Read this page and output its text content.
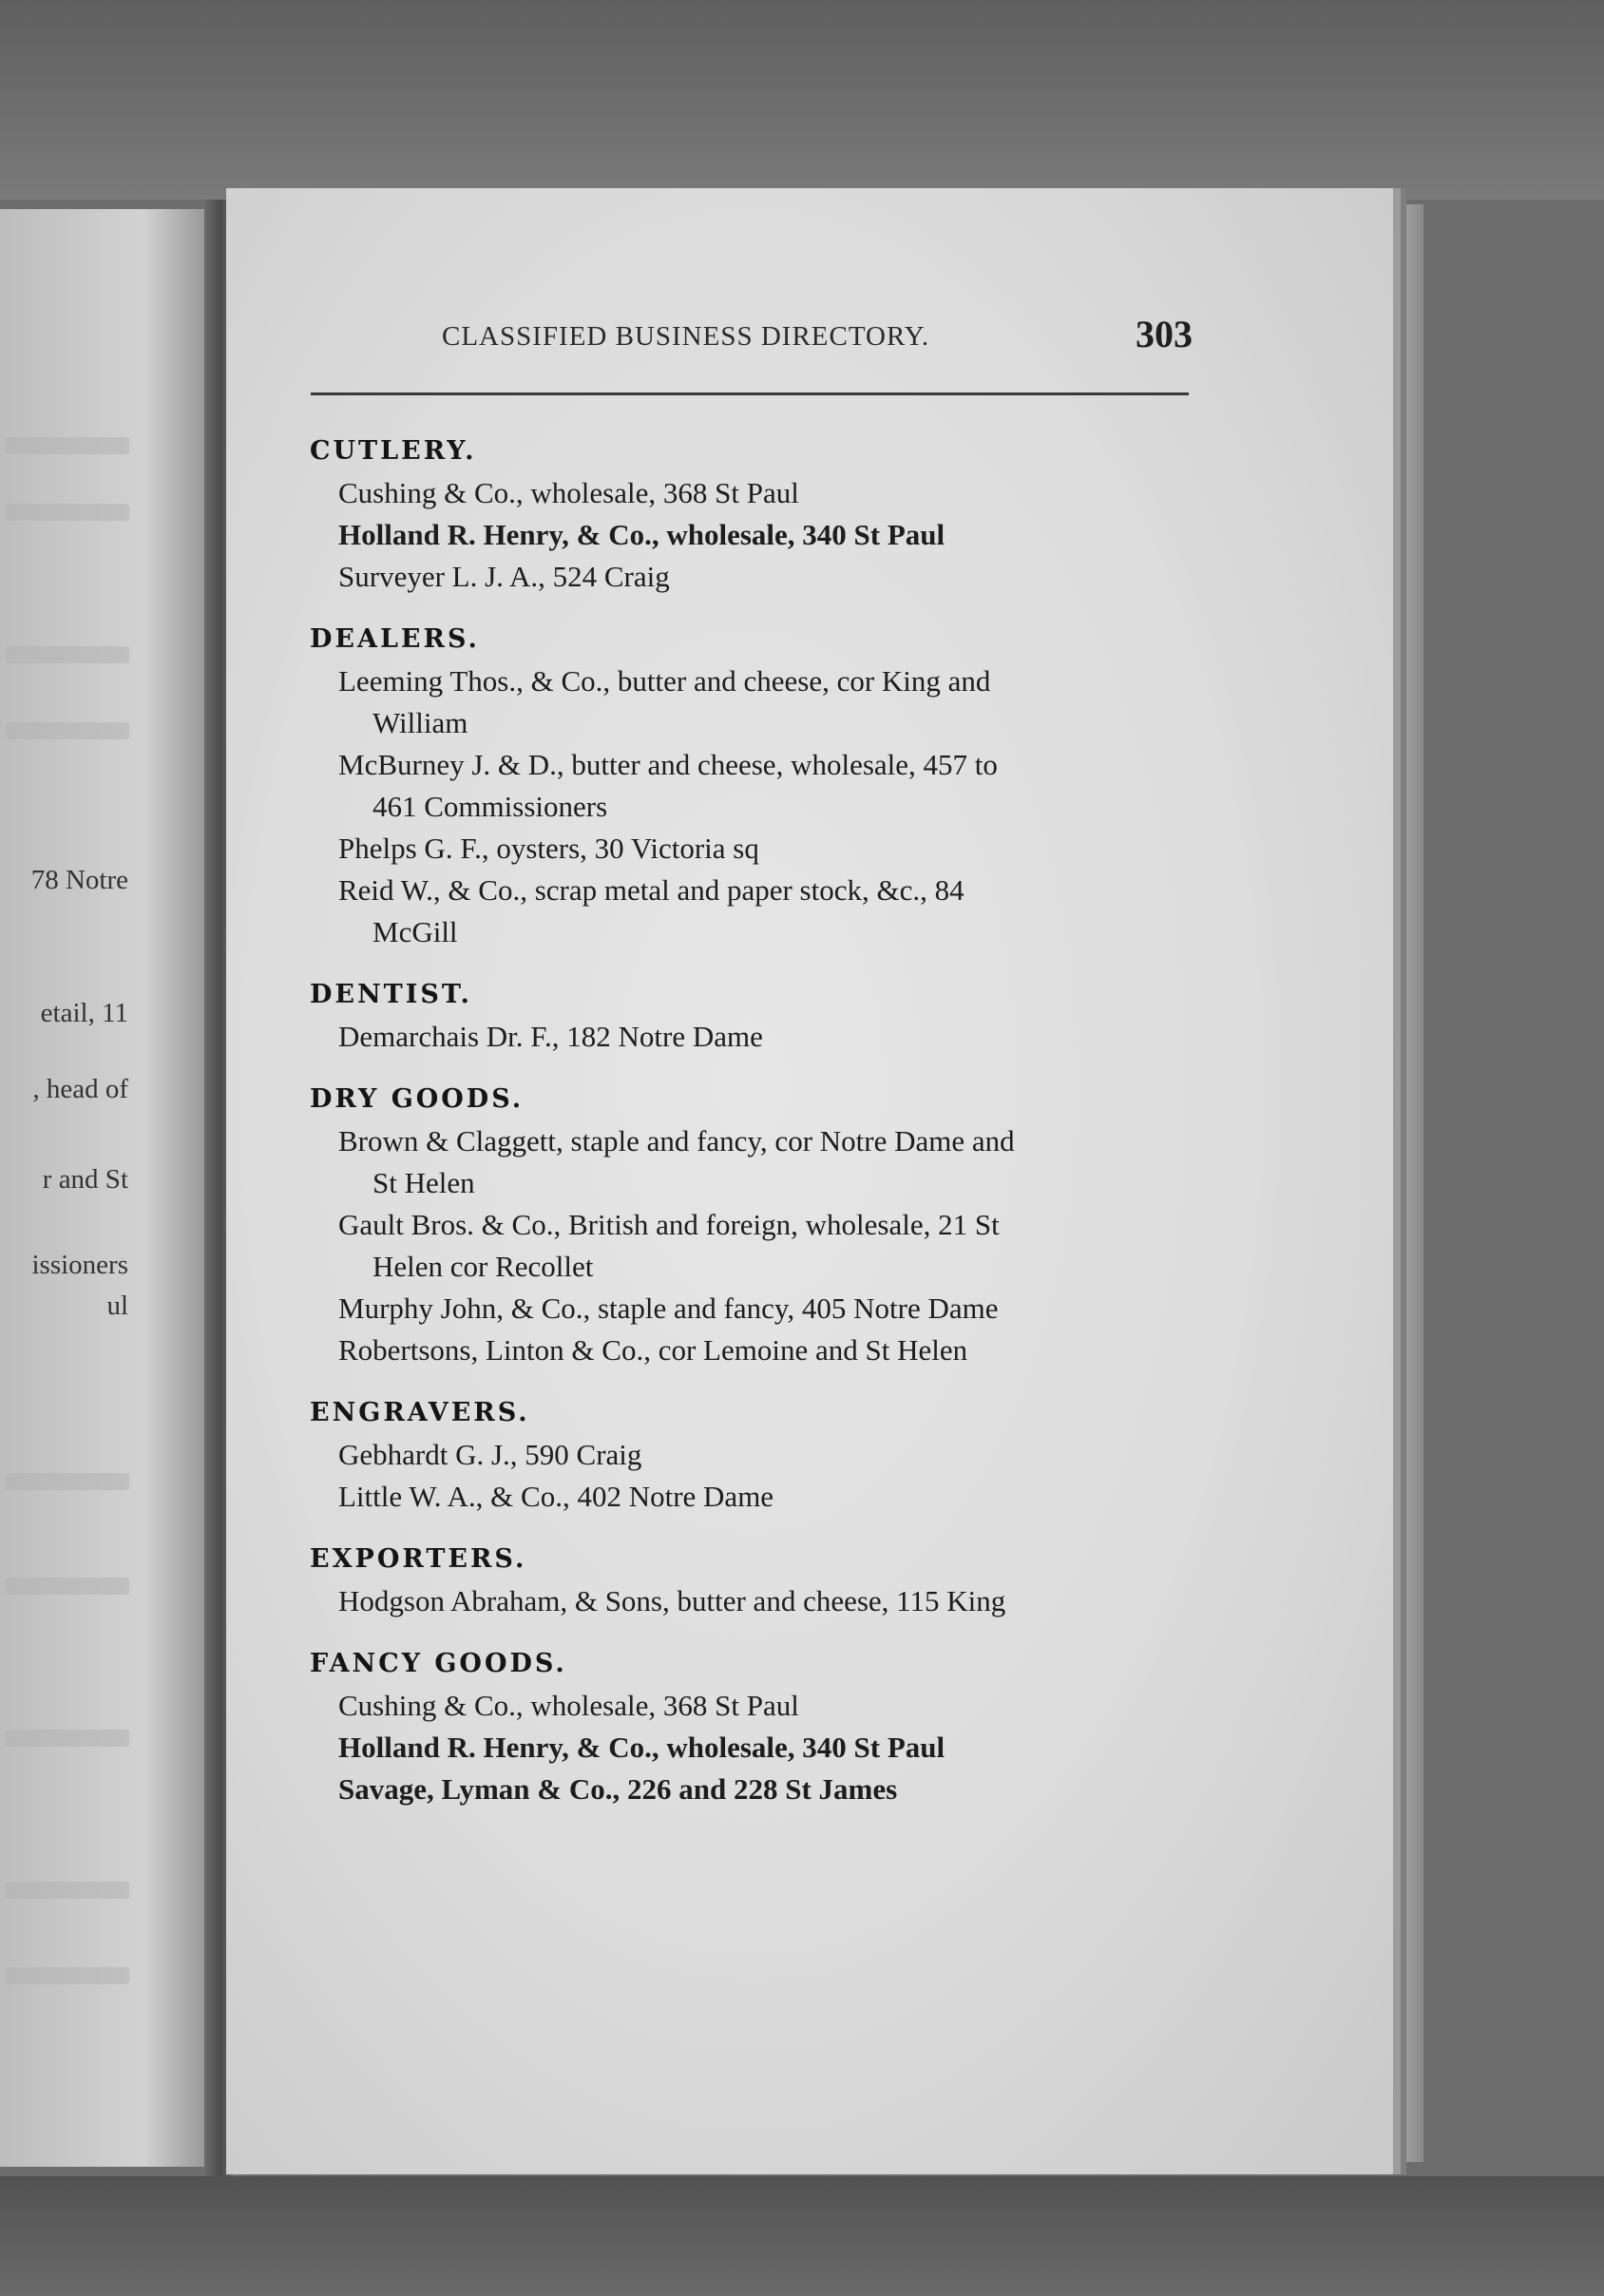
78 Notre
etail, 11
, head of
r and St
issioners
ul
CLASSIFIED BUSINESS DIRECTORY.	303
CUTLERY.
Cushing & Co., wholesale, 368 St Paul
Holland R. Henry, & Co., wholesale, 340 St Paul
Surveyer L. J. A., 524 Craig
DEALERS.
Leeming Thos., & Co., butter and cheese, cor King and
William
McBurney J. & D., butter and cheese, wholesale, 457 to
461 Commissioners
Phelps G. F., oysters, 30 Victoria sq
Reid W., & Co., scrap metal and paper stock, &c., 84
McGill
DENTIST.
Demarchais Dr. F., 182 Notre Dame
DRY GOODS.
Brown & Claggett, staple and fancy, cor Notre Dame and
St Helen
Gault Bros. & Co., British and foreign, wholesale, 21 St
Helen cor Recollet
Murphy John, & Co., staple and fancy, 405 Notre Dame
Robertsons, Linton & Co., cor Lemoine and St Helen
ENGRAVERS.
Gebhardt G. J., 590 Craig
Little W. A., & Co., 402 Notre Dame
EXPORTERS.
Hodgson Abraham, & Sons, butter and cheese, 115 King
FANCY GOODS.
Cushing & Co., wholesale, 368 St Paul
Holland R. Henry, & Co., wholesale, 340 St Paul
Savage, Lyman & Co., 226 and 228 St James
